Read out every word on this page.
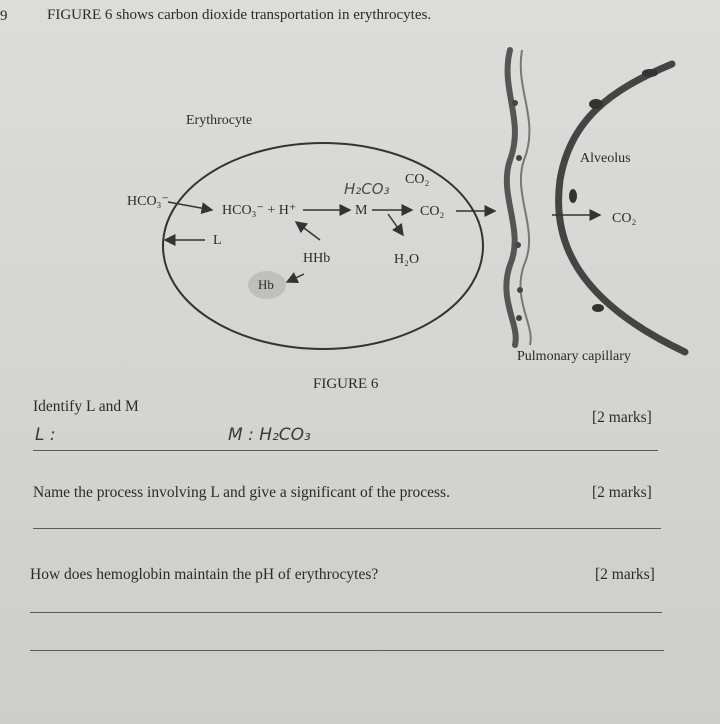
9	FIGURE 6 shows carbon dioxide transportation in erythrocytes.
Erythrocyte
HCO₃⁻
HCO₃⁻ + H⁺	M
CO₂
CO₂
L
HHb	H₂O
Hb
H₂CO₃
Alveolus
CO₂
Pulmonary capillary
FIGURE 6
Identify L and M
[2 marks]
L :	M : H₂CO₃
Name the process involving L and give a significant of the process.	[2 marks]
How does hemoglobin maintain the pH of erythrocytes?	[2 marks]
